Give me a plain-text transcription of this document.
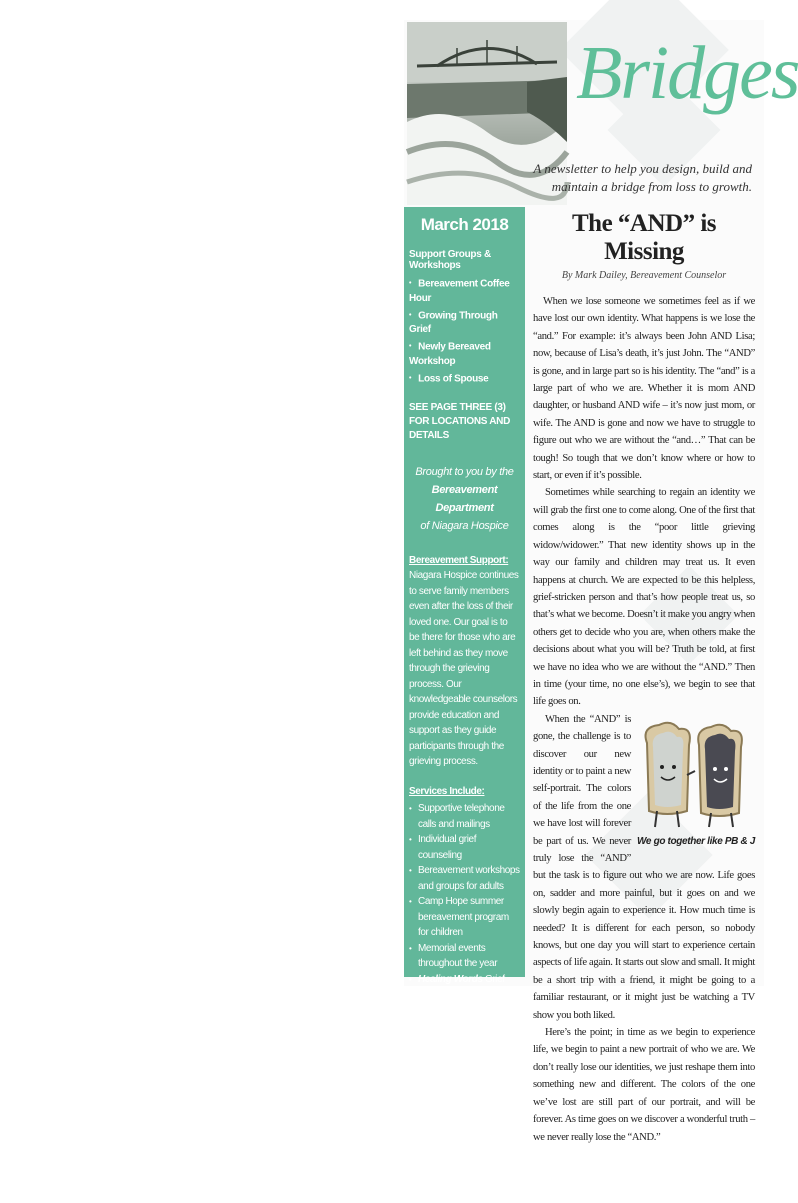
Bridges
A newsletter to help you design, build and maintain a bridge from loss to growth.
March 2018
Support Groups & Workshops
• Bereavement Coffee Hour
• Growing Through Grief
• Newly Bereaved Workshop
• Loss of Spouse
SEE PAGE THREE (3) FOR LOCATIONS AND DETAILS
Brought to you by the
Bereavement Department
of Niagara Hospice
Bereavement Support: Niagara Hospice continues to serve family members even after the loss of their loved one. Our goal is to be there for those who are left behind as they move through the grieving process. Our knowledgeable counselors provide education and support as they guide participants through the grieving process.
Services Include:
• Supportive telephone calls and mailings
• Individual grief counseling
• Bereavement workshops and groups for adults
• Camp Hope summer bereavement program for children
• Memorial events throughout the year
• Healing Words Grief Library
• Information and referral services
• Bridges monthly newsletter
Please note: Our services are designed for bereavement education and support. They are NOT meant to replace or mitigate mental health counseling or psychotherapy.
The “AND” is Missing
By Mark Dailey, Bereavement Counselor

When we lose someone we sometimes feel as if we have lost our own identity. What happens is we lose the “and.” For example: it’s always been John AND Lisa; now, because of Lisa’s death, it’s just John. The “AND” is gone, and in large part so is his identity. The “and” is a large part of who we are. Whether it is mom AND daughter, or husband AND wife – it’s now just mom, or wife. The AND is gone and now we have to struggle to figure out who we are without the “and…” That can be tough! So tough that we don’t know where or how to start, or even if it’s possible.

Sometimes while searching to regain an identity we will grab the first one to come along. One of the first that comes along is the “poor little grieving widow/widower.” That new identity shows up in the way our family and children may treat us. It even happens at church. We are expected to be this helpless, grief-stricken person and that’s how people treat us, so that’s what we become. Doesn’t it make you angry when others get to decide who you are, when others make the decisions about what you will be? Truth be told, at first we have no idea who we are without the “AND.” Then in time (your time, no one else’s), we begin to see that life goes on.

We go together like PB & J

When the “AND” is gone, the challenge is to discover our new identity or to paint a new self-portrait. The colors of the life from the one we have lost will forever be part of us. We never truly lose the “AND” but the task is to figure out who we are now. Life goes on, sadder and more painful, but it goes on and we slowly begin again to experience it. How much time is needed? It is different for each person, so nobody knows, but one day you will start to experience certain aspects of life again. It starts out slow and small. It might be a short trip with a friend, it might be going to a familiar restaurant, or it might just be watching a TV show you both liked.

Here’s the point; in time as we begin to experience life, we begin to paint a new portrait of who we are. We don’t really lose our identities, we just reshape them into something new and different. The colors of the one we’ve lost are still part of our portrait, and will be forever. As time goes on we discover a wonderful truth – we never really lose the “AND.”
